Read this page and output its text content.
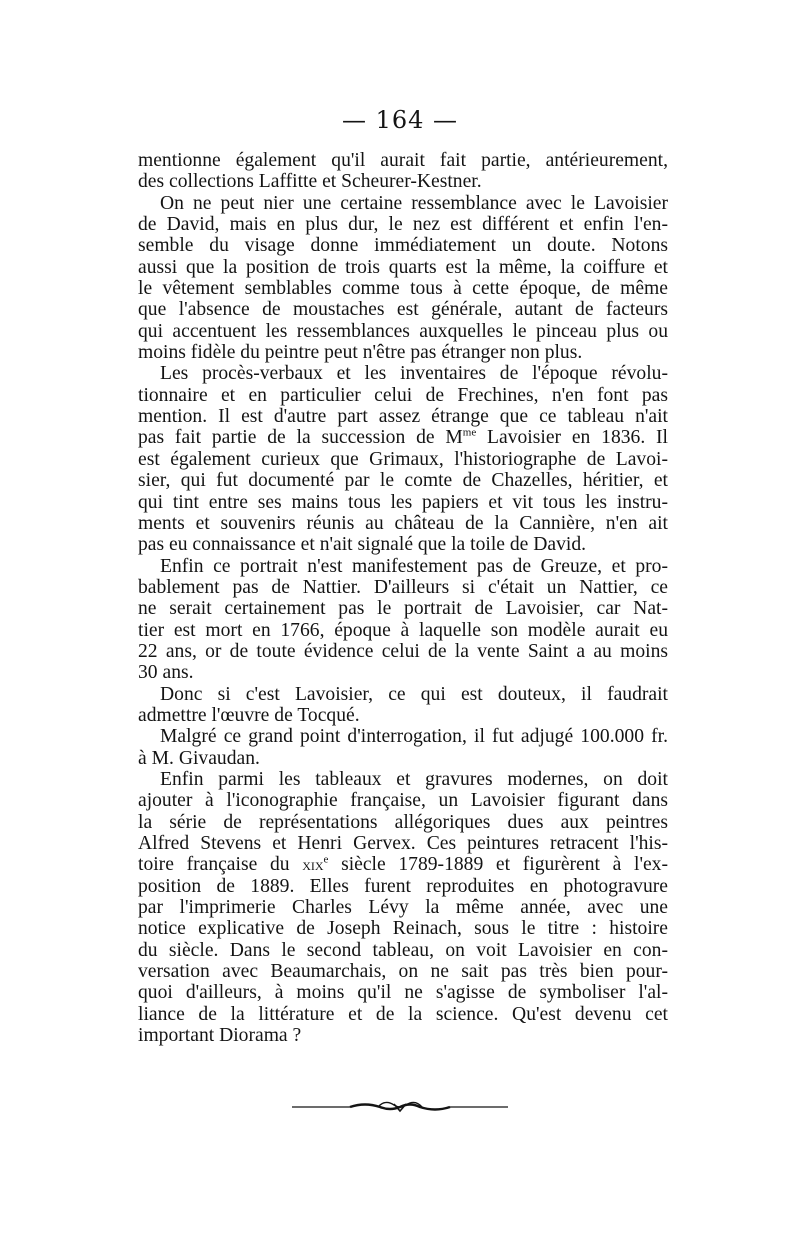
— 164 —
mentionne également qu'il aurait fait partie, antérieurement,
des collections Laffitte et Scheurer-Kestner.
On ne peut nier une certaine ressemblance avec le Lavoisier
de David, mais en plus dur, le nez est différent et enfin l'en-
semble du visage donne immédiatement un doute. Notons
aussi que la position de trois quarts est la même, la coiffure et
le vêtement semblables comme tous à cette époque, de même
que l'absence de moustaches est générale, autant de facteurs
qui accentuent les ressemblances auxquelles le pinceau plus ou
moins fidèle du peintre peut n'être pas étranger non plus.
Les procès-verbaux et les inventaires de l'époque révolu-
tionnaire et en particulier celui de Frechines, n'en font pas
mention. Il est d'autre part assez étrange que ce tableau n'ait
pas fait partie de la succession de $M^{me}$ Lavoisier en 1836. Il
est également curieux que Grimaux, l'historiographe de Lavoi-
sier, qui fut documenté par le comte de Chazelles, héritier, et
qui tint entre ses mains tous les papiers et vit tous les instru-
ments et souvenirs réunis au château de la Cannière, n'en ait
pas eu connaissance et n'ait signalé que la toile de David.
Enfin ce portrait n'est manifestement pas de Greuze, et pro-
bablement pas de Nattier. D'ailleurs si c'était un Nattier, ce
ne serait certainement pas le portrait de Lavoisier, car Nat-
tier est mort en 1766, époque à laquelle son modèle aurait eu
22 ans, or de toute évidence celui de la vente Saint a au moins
30 ans.
Donc si c'est Lavoisier, ce qui est douteux, il faudrait
admettre l'œuvre de Tocqué.
Malgré ce grand point d'interrogation, il fut adjugé 100.000 fr.
à M. Givaudan.
Enfin parmi les tableaux et gravures modernes, on doit
ajouter à l'iconographie française, un Lavoisier figurant dans
la série de représentations allégoriques dues aux peintres
Alfred Stevens et Henri Gervex. Ces peintures retracent l'his-
toire française du xix$^e$ siècle 1789-1889 et figurèrent à l'ex-
position de 1889. Elles furent reproduites en photogravure
par l'imprimerie Charles Lévy la même année, avec une
notice explicative de Joseph Reinach, sous le titre : histoire
du siècle. Dans le second tableau, on voit Lavoisier en con-
versation avec Beaumarchais, on ne sait pas très bien pour-
quoi d'ailleurs, à moins qu'il ne s'agisse de symboliser l'al-
liance de la littérature et de la science. Qu'est devenu cet
important Diorama ?
